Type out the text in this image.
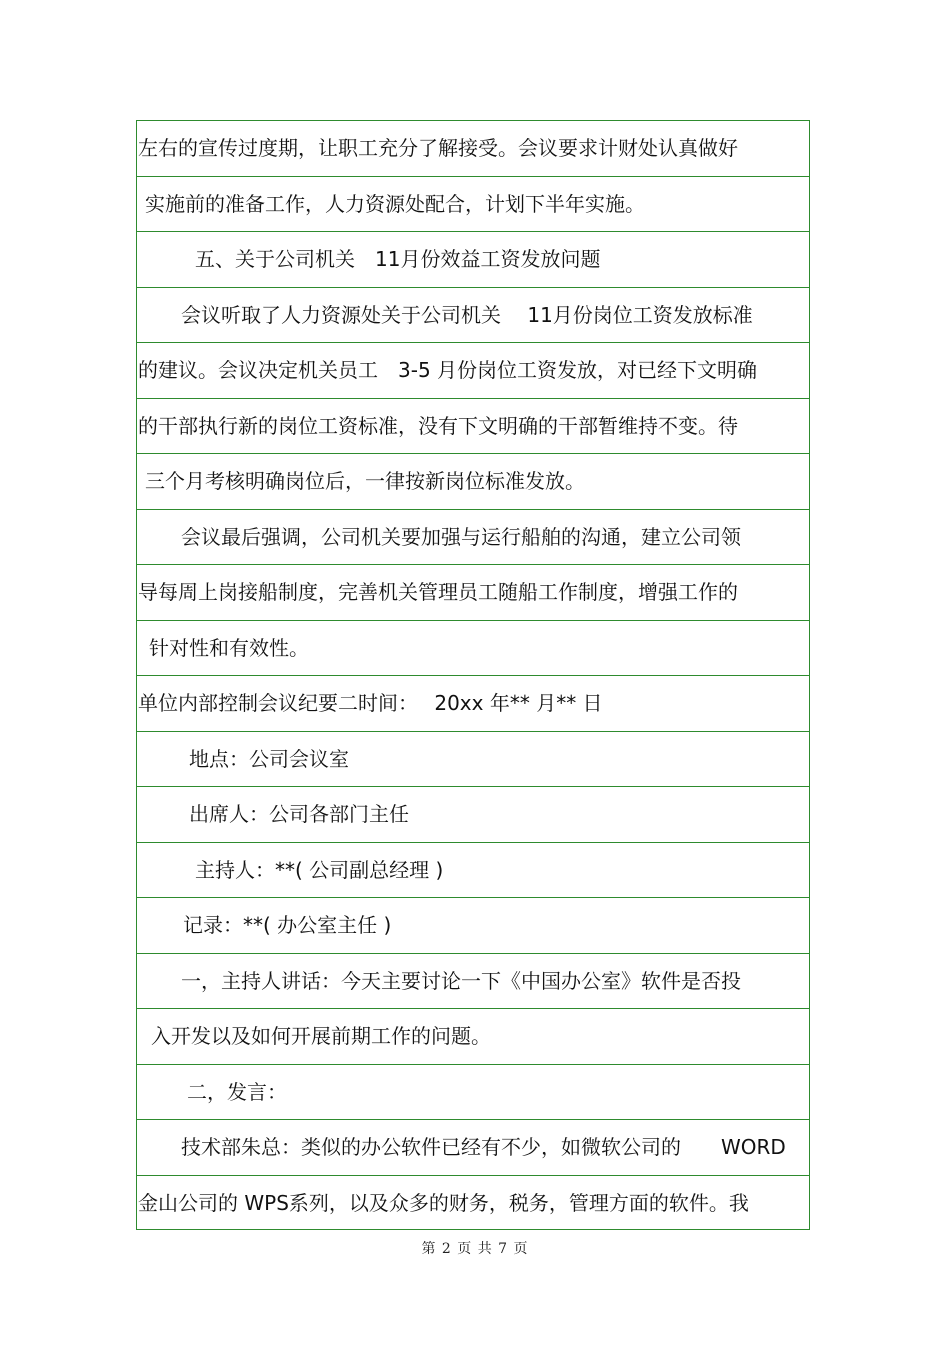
左右的宣传过度期，让职工充分了解接受。会议要求计财处认真做好
实施前的准备工作，人力资源处配合，计划下半年实施。
五、关于公司机关　11月份效益工资发放问题
会议听取了人力资源处关于公司机关　 11月份岗位工资发放标准
的建议。会议决定机关员工　3-5 月份岗位工资发放，对已经下文明确
的干部执行新的岗位工资标准，没有下文明确的干部暂维持不变。待
三个月考核明确岗位后，一律按新岗位标准发放。
会议最后强调，公司机关要加强与运行船舶的沟通，建立公司领
导每周上岗接船制度，完善机关管理员工随船工作制度，增强工作的
针对性和有效性。
单位内部控制会议纪要二时间：　 20xx 年** 月** 日
地点：公司会议室
出席人：公司各部门主任
主持人：**( 公司副总经理 )
记录：**( 办公室主任 )
一，主持人讲话：今天主要讨论一下《中国办公室》软件是否投
入开发以及如何开展前期工作的问题。
二，发言：
技术部朱总：类似的办公软件已经有不少，如微软公司的　　WORD
金山公司的 WPS系列，以及众多的财务，税务，管理方面的软件。我
第 2 页 共 7 页
